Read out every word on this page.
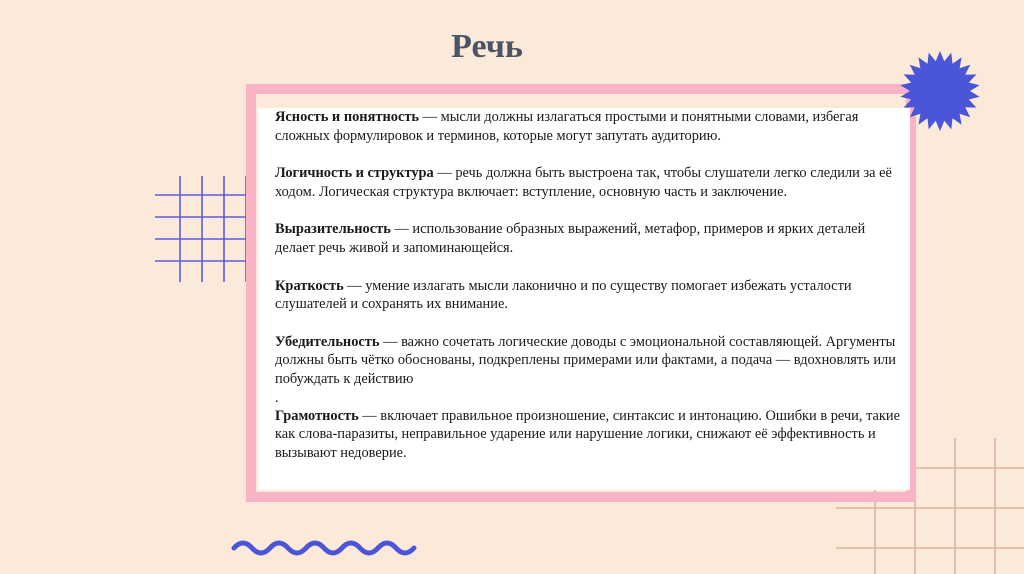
Речь

Ясность и понятность — мысли должны излагаться простыми и понятными словами, избегая сложных формулировок и терминов, которые могут запутать аудиторию.

Логичность и структура — речь должна быть выстроена так, чтобы слушатели легко следили за её ходом. Логическая структура включает: вступление, основную часть и заключение.

Выразительность — использование образных выражений, метафор, примеров и ярких деталей делает речь живой и запоминающейся.

Краткость — умение излагать мысли лаконично и по существу помогает избежать усталости слушателей и сохранять их внимание.

Убедительность — важно сочетать логические доводы с эмоциональной составляющей. Аргументы должны быть чётко обоснованы, подкреплены примерами или фактами, а подача — вдохновлять или побуждать к действию

.

Грамотность — включает правильное произношение, синтаксис и интонацию. Ошибки в речи, такие как слова-паразиты, неправильное ударение или нарушение логики, снижают её эффективность и вызывают недоверие.
